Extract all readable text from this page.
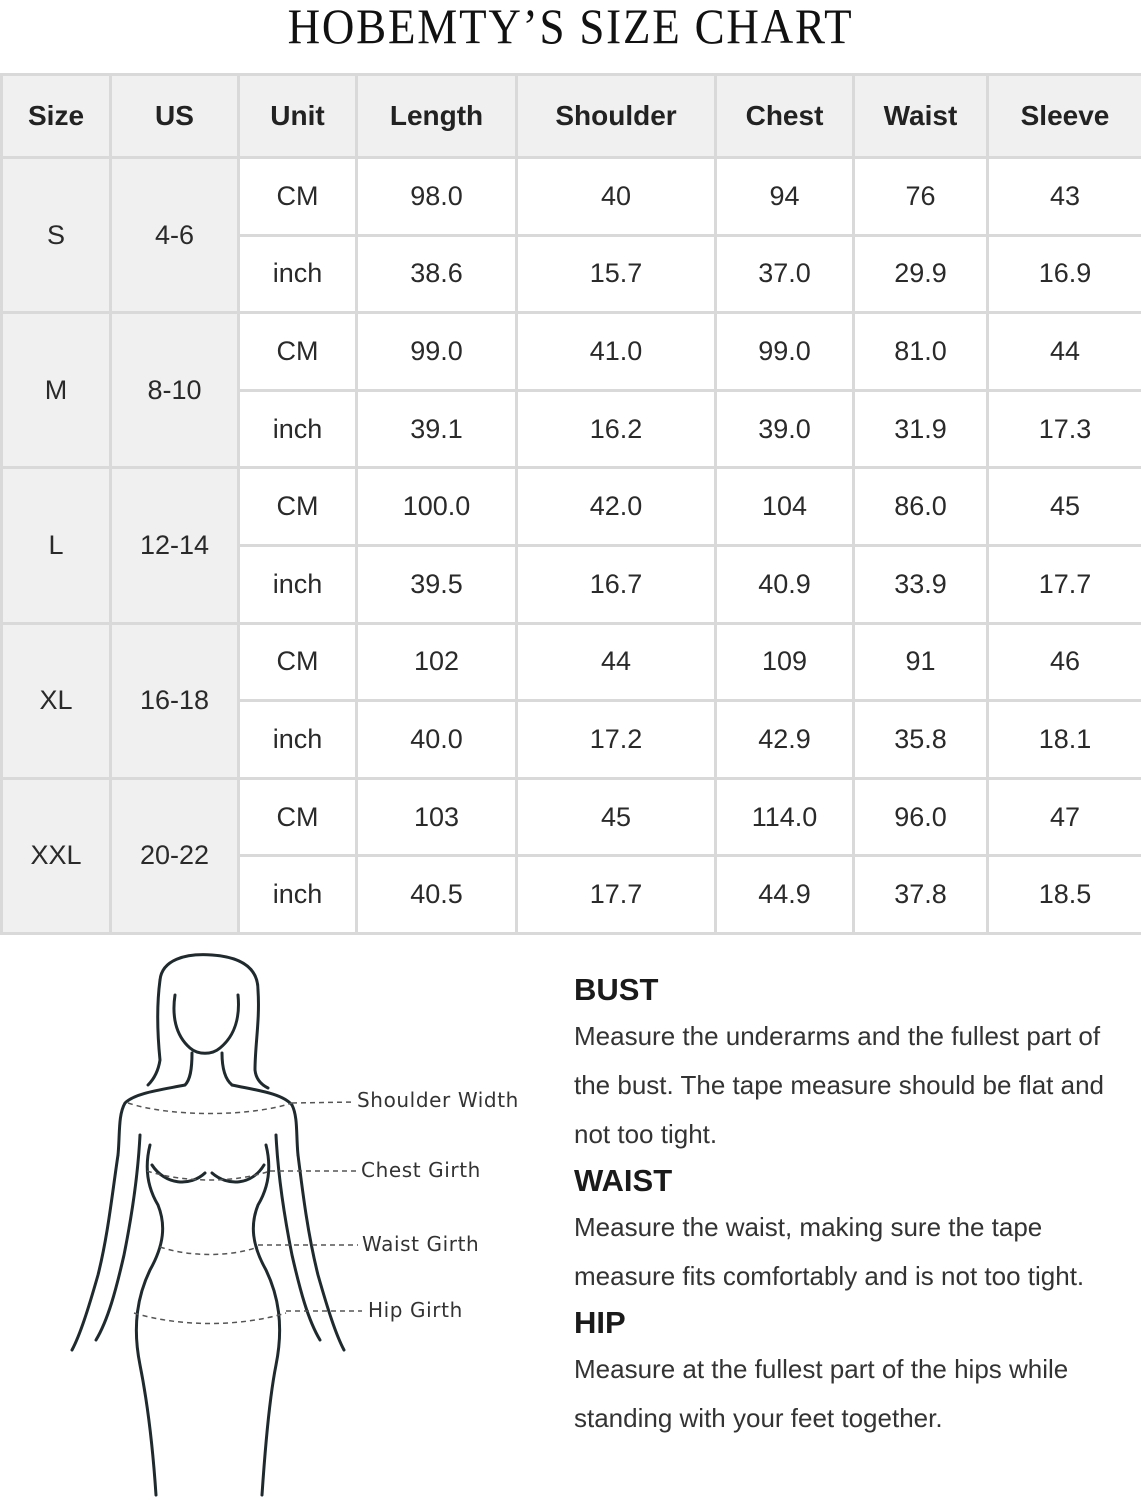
HOBEMTY’S SIZE CHART
Size	US	Unit	Length	Shoulder	Chest	Waist	Sleeve
S	4-6	CM	98.0	40	94	76	43
		inch	38.6	15.7	37.0	29.9	16.9
M	8-10	CM	99.0	41.0	99.0	81.0	44
		inch	39.1	16.2	39.0	31.9	17.3
L	12-14	CM	100.0	42.0	104	86.0	45
		inch	39.5	16.7	40.9	33.9	17.7
XL	16-18	CM	102	44	109	91	46
		inch	40.0	17.2	42.9	35.8	18.1
XXL	20-22	CM	103	45	114.0	96.0	47
		inch	40.5	17.7	44.9	37.8	18.5
Shoulder Width
Chest Girth
Waist Girth
Hip Girth
BUST

Measure the underarms and the fullest part of the bust. The tape measure should be flat and not too tight.

WAIST

Measure the waist, making sure the tape measure fits comfortably and is not too tight.

HIP

Measure at the fullest part of the hips while standing with your feet together.
